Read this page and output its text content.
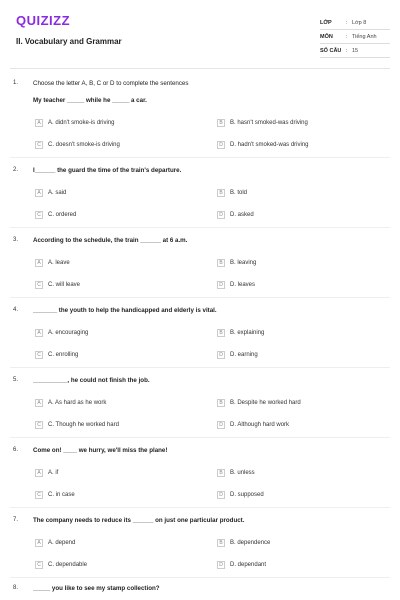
QUIZIZZ
II. Vocabulary and Grammar
LỚP	: Lớp 8
MÔN	: Tiếng Anh
SỐ CÂU : 15
1. Choose the letter A, B, C or D to complete the sentences
My teacher _____ while he _____ a car.
A	A. didn't smoke-is driving	B	B. hasn't smoked-was driving
C	C. doesn't smoke-is driving	D	D. hadn't smoked-was driving
2. I______ the guard the time of the train's departure.
A	A. said	B	B. told
C	C. ordered	D	D. asked
3. According to the schedule, the train ______ at 6 a.m.
A	A. leave	B	B. leaving
C	C. will leave	D	D. leaves
4. _______ the youth to help the handicapped and elderly is vital.
A	A. encouraging	B	B. explaining
C	C. enrolling	D	D. earning
5. __________, he could not finish the job.
A	A. As hard as he work	B	B. Despite he worked hard
C	C. Though he worked hard	D	D. Although hard work
6. Come on! ____ we hurry, we'll miss the plane!
A	A. if	B	B. unless
C	C. in case	D	D. supposed
7. The company needs to reduce its ______ on just one particular product.
A	A. depend	B	B. dependence
C	C. dependable	D	D. dependant
8. _____ you like to see my stamp collection?
